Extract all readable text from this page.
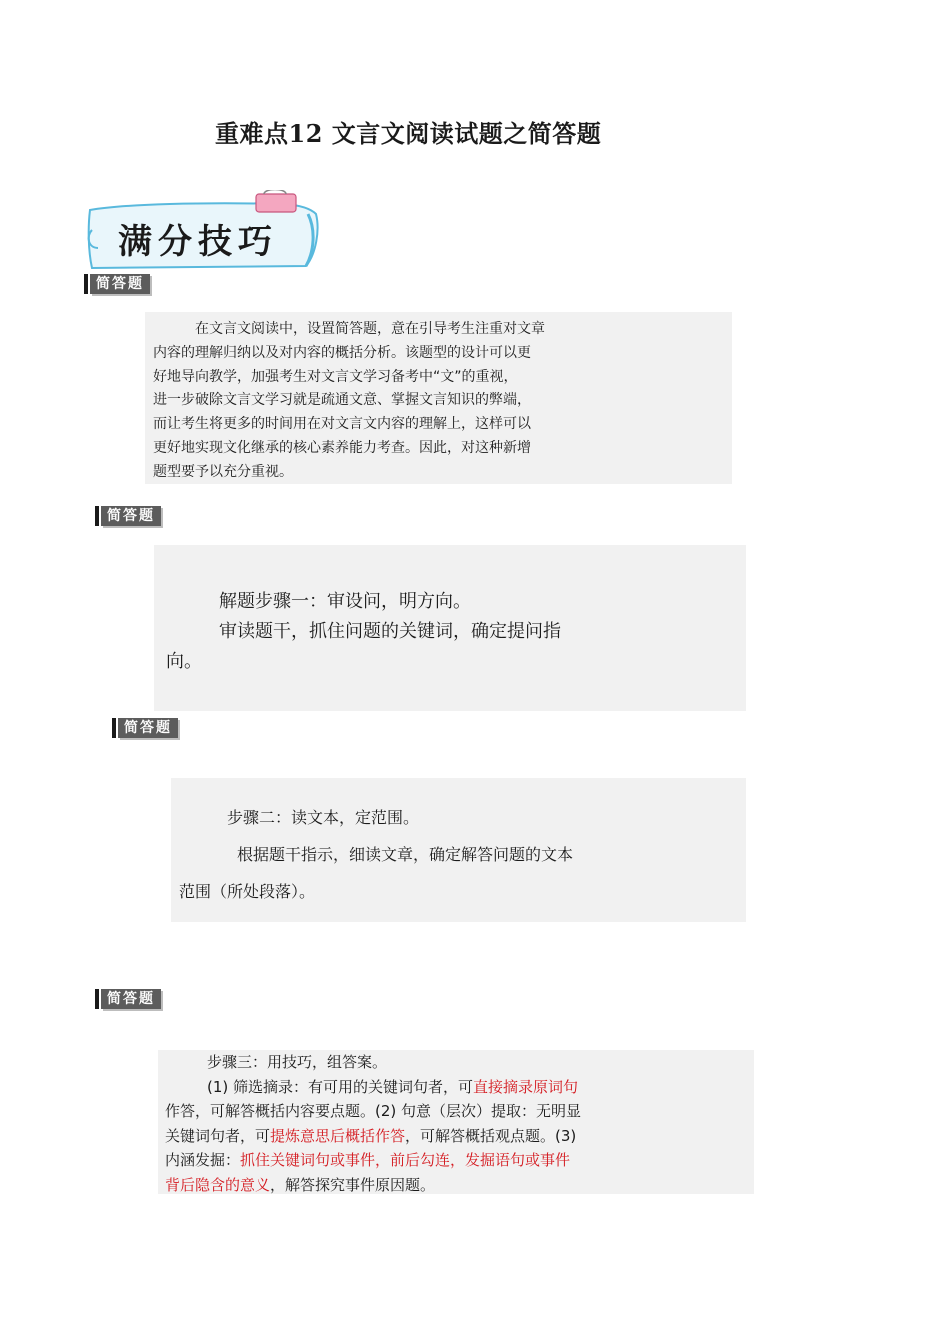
重难点12 文言文阅读试题之简答题
满分技巧
简答题

在文言文阅读中，设置简答题，意在引导考生注重对文章

内容的理解归纳以及对内容的概括分析。该题型的设计可以更

好地导向教学，加强考生对文言文学习备考中“文”的重视，

进一步破除文言文学习就是疏通文意、掌握文言知识的弊端，

而让考生将更多的时间用在对文言文内容的理解上，这样可以

更好地实现文化继承的核心素养能力考查。因此，对这种新增

题型要予以充分重视。

简答题

解题步骤一：审设问，明方向。

审读题干，抓住问题的关键词，确定提问指

向。

简答题

步骤二：读文本，定范围。

根据题干指示，细读文章，确定解答问题的文本

范围（所处段落）。

简答题

步骤三：用技巧，组答案。

(1) 筛选摘录：有可用的关键词句者，可直接摘录原词句

作答，可解答概括内容要点题。(2) 句意（层次）提取：无明显

关键词句者，可提炼意思后概括作答，可解答概括观点题。(3)

内涵发掘：抓住关键词句或事件，前后勾连，发掘语句或事件

背后隐含的意义，解答探究事件原因题。
